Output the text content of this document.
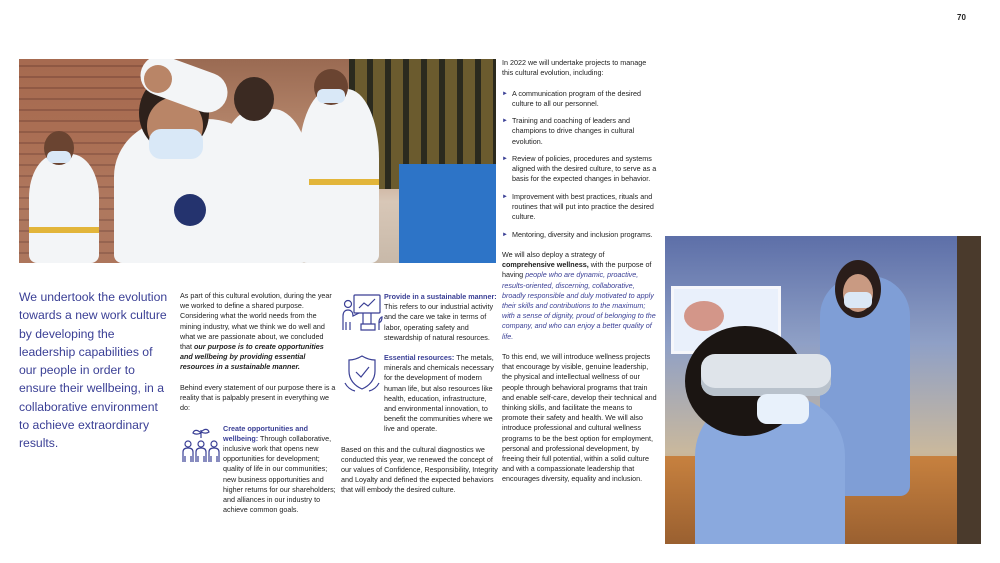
70
We undertook the evolution towards a new work culture by developing the leadership capabilities of our people in order to ensure their wellbeing, in a collaborative environment to achieve extraordinary results.

As part of this cultural evolution, during the year we worked to define a shared purpose. Considering what the world needs from the mining industry, what we think we do well and what we are passionate about, we concluded that our purpose is to create opportunities and wellbeing by providing essential resources in a sustainable manner.

Behind every statement of our purpose there is a reality that is palpably present in everything we do:

Create opportunities and wellbeing: Through collaborative, inclusive work that opens new opportunities for development; quality of life in our communities; new business opportunities and higher returns for our shareholders; and alliances in our industry to achieve common goals.

Provide in a sustainable manner: This refers to our industrial activity and the care we take in terms of labor, operating safety and stewardship of natural resources.

Essential resources: The metals, minerals and chemicals necessary for the development of modern human life, but also resources like health, education, infrastructure, and environmental innovation, to benefit the communities where we live and operate.

Based on this and the cultural diagnostics we conducted this year, we renewed the concept of our values of Confidence, Responsibility, Integrity and Loyalty and defined the expected behaviors that will embody the desired culture.

In 2022 we will undertake projects to manage this cultural evolution, including:

► A communication program of the desired culture to all our personnel.
► Training and coaching of leaders and champions to drive changes in cultural evolution.
► Review of policies, procedures and systems aligned with the desired culture, to serve as a basis for the expected changes in behavior.
► Improvement with best practices, rituals and routines that will put into practice the desired culture.
► Mentoring, diversity and inclusion programs.

We will also deploy a strategy of comprehensive wellness, with the purpose of having people who are dynamic, proactive, results-oriented, discerning, collaborative, broadly responsible and duly motivated to apply their skills and contributions to the maximum; with a sense of dignity, proud of belonging to the company, and who can enjoy a better quality of life.

To this end, we will introduce wellness projects that encourage by visible, genuine leadership, the physical and intellectual wellness of our people through behavioral programs that train and enable self-care, develop their technical and thinking skills, and facilitate the means to promote their safety and health. We will also introduce professional and cultural wellness programs to be the best option for employment, personal and professional development, by freeing their full potential, within a solid culture and with a compassionate leadership that encourages diversity, equality and inclusion.
